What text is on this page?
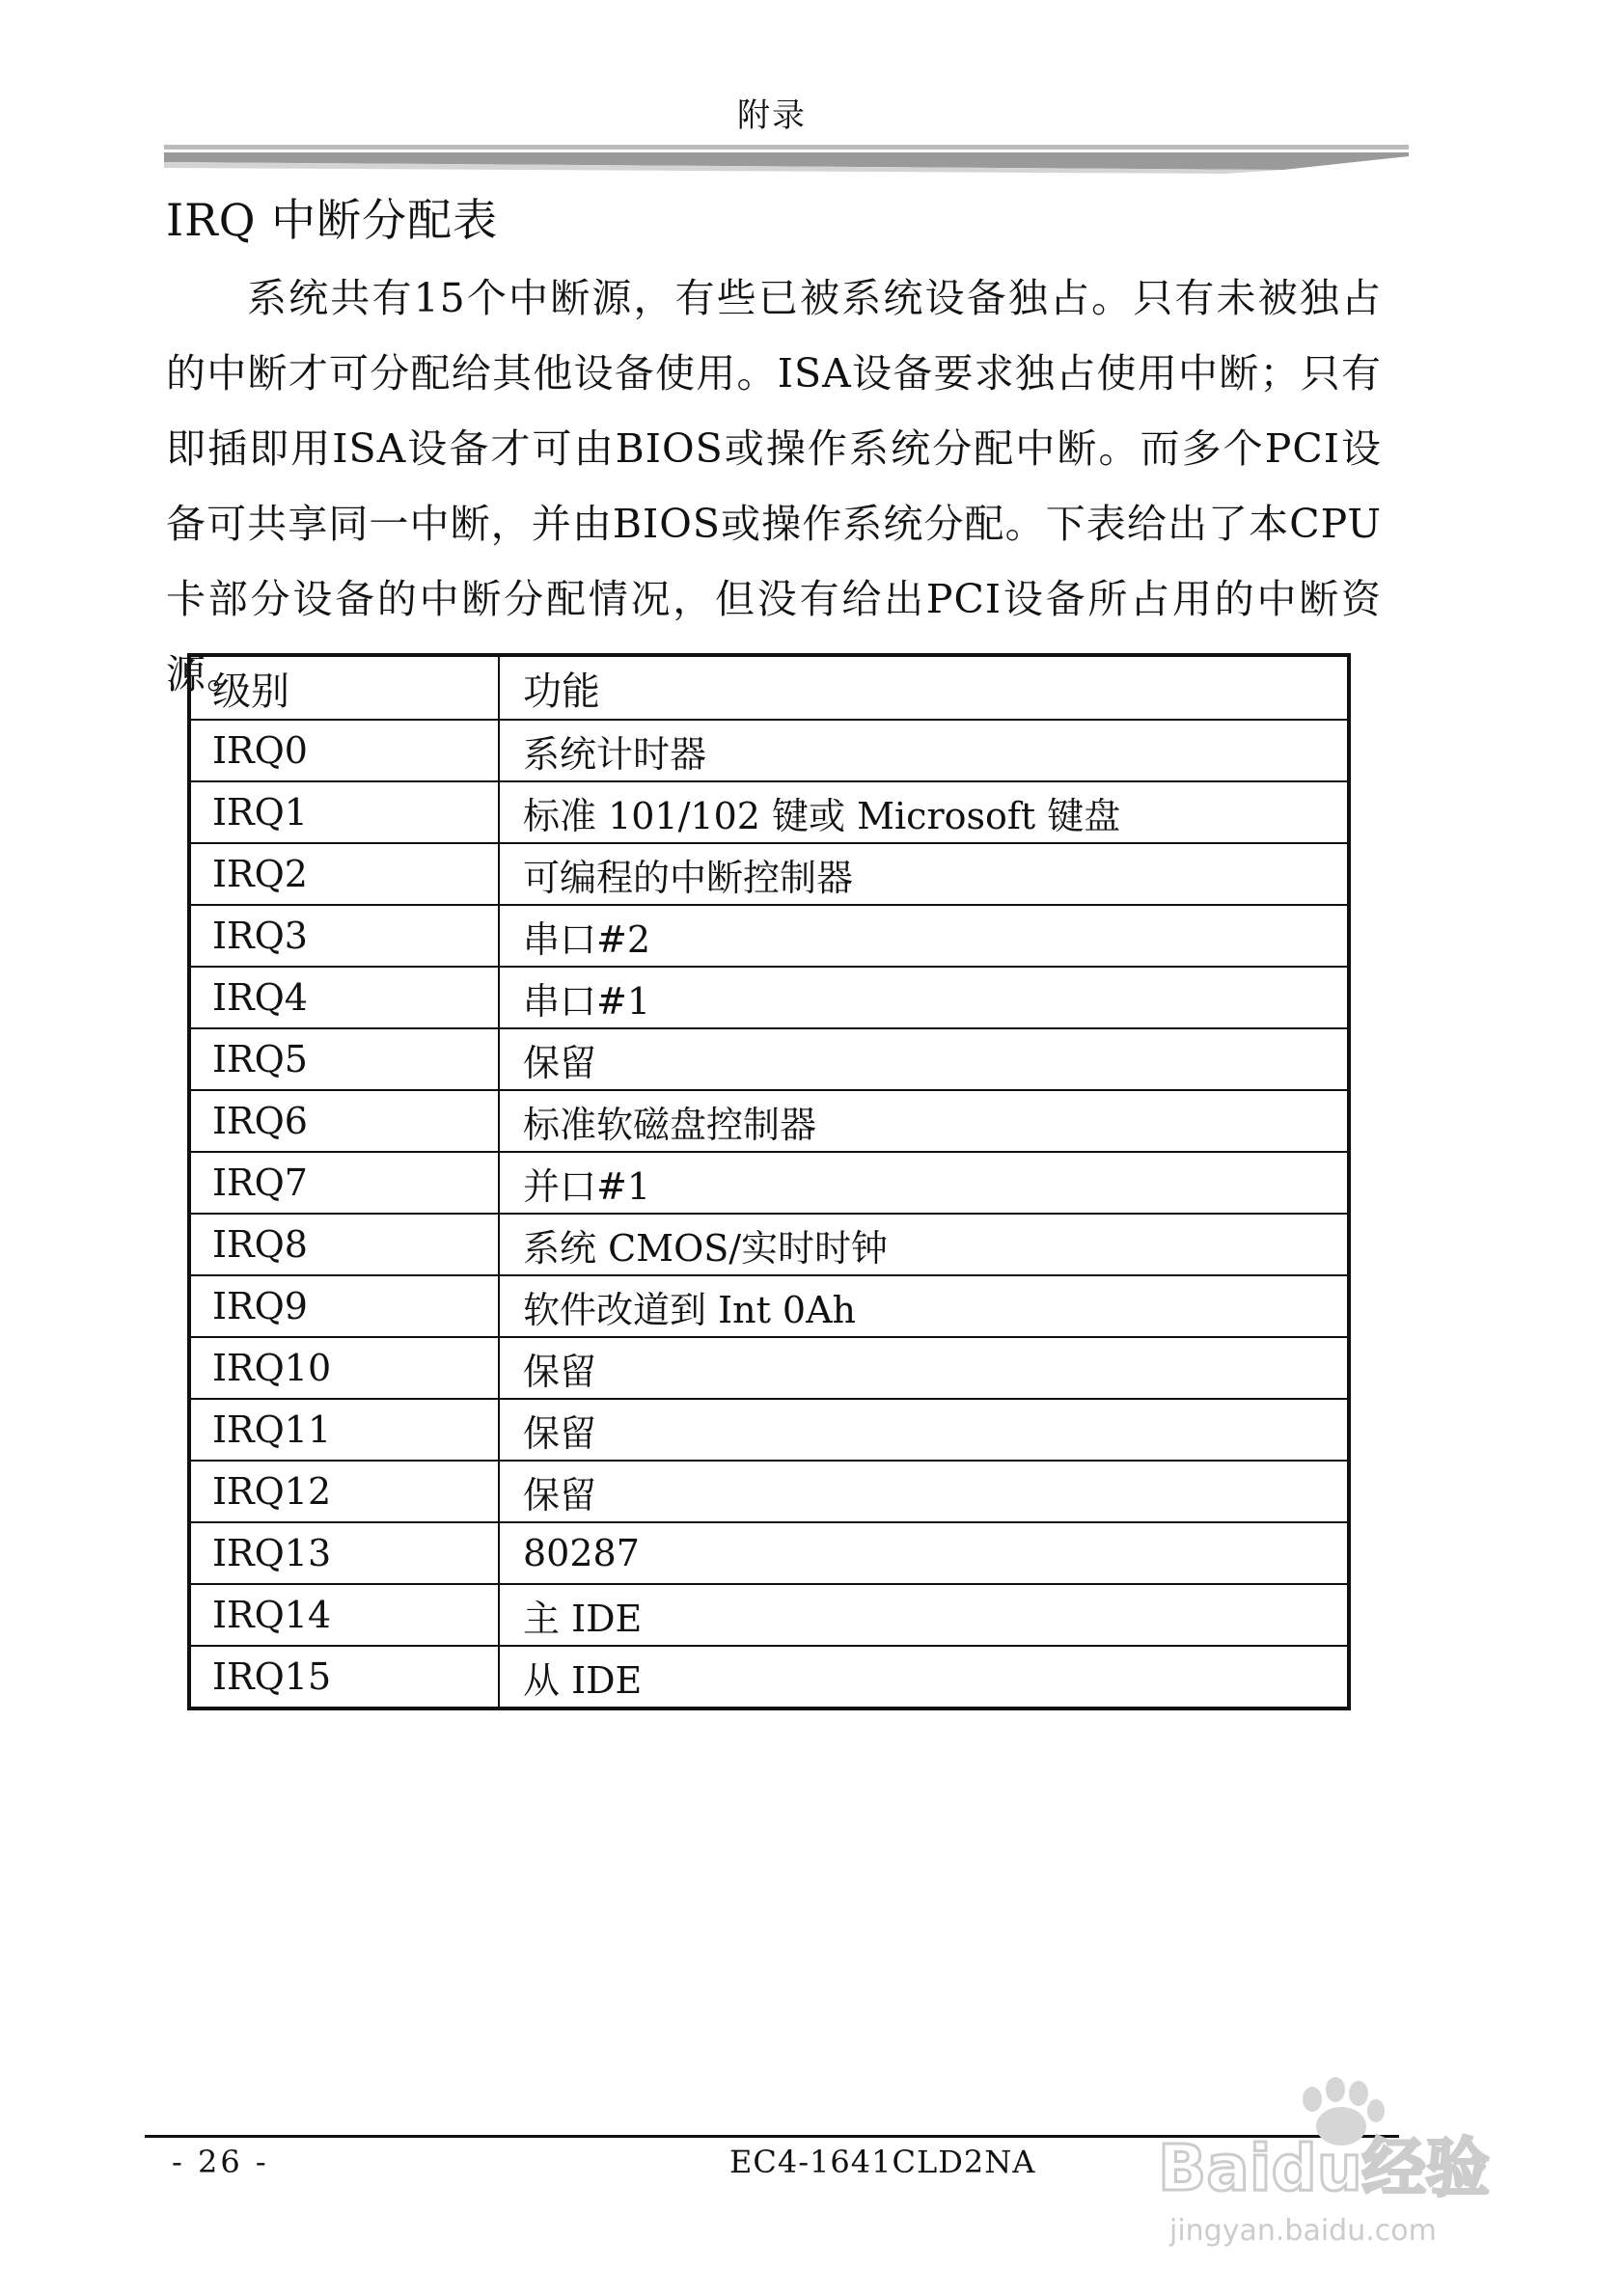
附录
IRQ 中断分配表

系统共有15个中断源，有些已被系统设备独占。只有未被独占的中断才可分配给其他设备使用。ISA设备要求独占使用中断；只有即插即用ISA设备才可由BIOS或操作系统分配中断。而多个PCI设备可共享同一中断，并由BIOS或操作系统分配。下表给出了本CPU卡部分设备的中断分配情况，但没有给出PCI设备所占用的中断资源。

级别	功能
IRQ0	系统计时器
IRQ1	标准 101/102 键或 Microsoft 键盘
IRQ2	可编程的中断控制器
IRQ3	串口#2
IRQ4	串口#1
IRQ5	保留
IRQ6	标准软磁盘控制器
IRQ7	并口#1
IRQ8	系统 CMOS/实时时钟
IRQ9	软件改道到 Int 0Ah
IRQ10	保留
IRQ11	保留
IRQ12	保留
IRQ13	80287
IRQ14	主 IDE
IRQ15	从 IDE
- 26 -	EC4-1641CLD2NA Baidu经验
jingyan.baidu.com
